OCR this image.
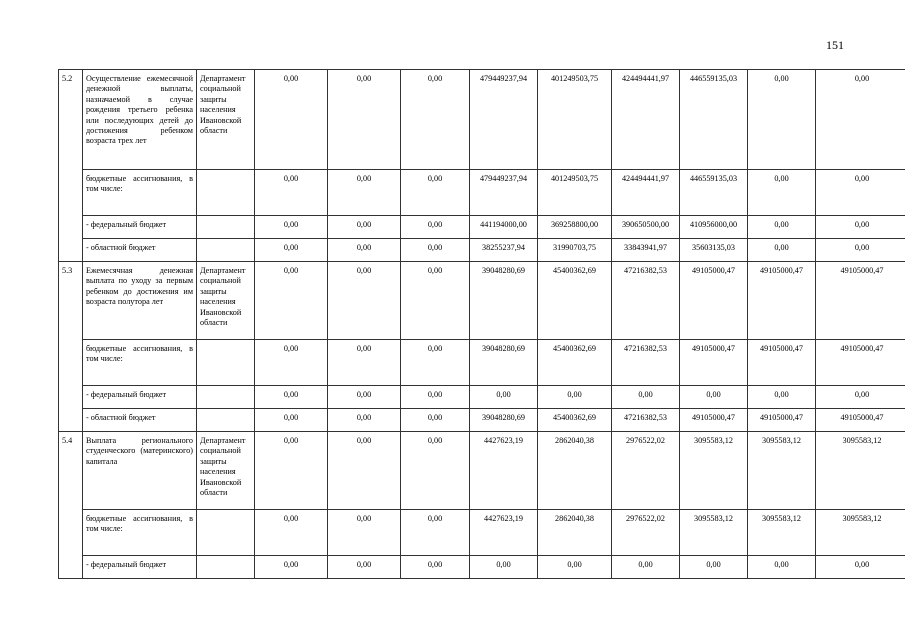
151
5.2	Осуществление ежемесячной денежной выплаты, назначаемой в случае рождения третьего ребенка или последующих детей до достижения ребенком возраста трех лет	Департамент социальной защиты населения Ивановской области	0,00	0,00	0,00	479449237,94	401249503,75	424494441,97	446559135,03	0,00	0,00
	бюджетные ассигнования, в том числе:		0,00	0,00	0,00	479449237,94	401249503,75	424494441,97	446559135,03	0,00	0,00
	- федеральный бюджет		0,00	0,00	0,00	441194000,00	369258800,00	390650500,00	410956000,00	0,00	0,00
	- областной бюджет		0,00	0,00	0,00	38255237,94	31990703,75	33843941,97	35603135,03	0,00	0,00
5.3	Ежемесячная денежная выплата по уходу за первым ребенком до достижения им возраста полутора лет	Департамент социальной защиты населения Ивановской области	0,00	0,00	0,00	39048280,69	45400362,69	47216382,53	49105000,47	49105000,47	49105000,47
	бюджетные ассигнования, в том числе:		0,00	0,00	0,00	39048280,69	45400362,69	47216382,53	49105000,47	49105000,47	49105000,47
	- федеральный бюджет		0,00	0,00	0,00	0,00	0,00	0,00	0,00	0,00	0,00
	- областной бюджет		0,00	0,00	0,00	39048280,69	45400362,69	47216382,53	49105000,47	49105000,47	49105000,47
5.4	Выплата регионального студенческого (материнского) капитала	Департамент социальной защиты населения Ивановской области	0,00	0,00	0,00	4427623,19	2862040,38	2976522,02	3095583,12	3095583,12	3095583,12
	бюджетные ассигнования, в том числе:		0,00	0,00	0,00	4427623,19	2862040,38	2976522,02	3095583,12	3095583,12	3095583,12
	- федеральный бюджет		0,00	0,00	0,00	0,00	0,00	0,00	0,00	0,00	0,00
